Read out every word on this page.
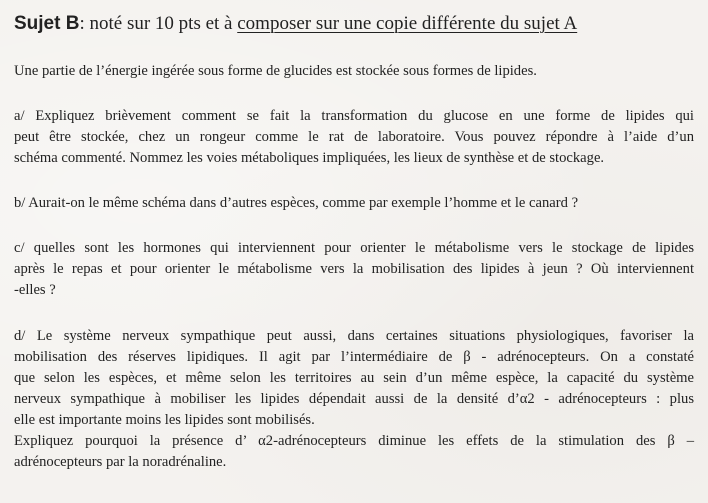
Sujet B: noté sur 10 pts et à composer sur une copie différente du sujet A
Une partie de l’énergie ingérée sous forme de glucides est stockée sous formes de lipides.
a/ Expliquez brièvement comment se fait la transformation du glucose en une forme de lipides qui
peut être stockée, chez un rongeur comme le rat de laboratoire. Vous pouvez répondre à l’aide d’un
schéma commenté. Nommez les voies métaboliques impliquées, les lieux de synthèse et de stockage.
b/ Aurait-on le même schéma dans d’autres espèces, comme par exemple l’homme et le canard ?
c/ quelles sont les hormones qui interviennent pour orienter le métabolisme vers le stockage de lipides
après le repas et pour orienter le métabolisme vers la mobilisation des lipides à jeun ? Où interviennent
-elles ?
d/ Le système nerveux sympathique peut aussi, dans certaines situations physiologiques, favoriser la
mobilisation des réserves lipidiques. Il agit par l’intermédiaire de β - adrénocepteurs. On a constaté
que selon les espèces, et même selon les territoires au sein d’un même espèce, la capacité du système
nerveux sympathique à mobiliser les lipides dépendait aussi de la densité d’α2 - adrénocepteurs : plus
elle est importante moins les lipides sont mobilisés.
Expliquez pourquoi la présence d’ α2-adrénocepteurs diminue les effets de la stimulation des β –
adrénocepteurs par la noradrénaline.
